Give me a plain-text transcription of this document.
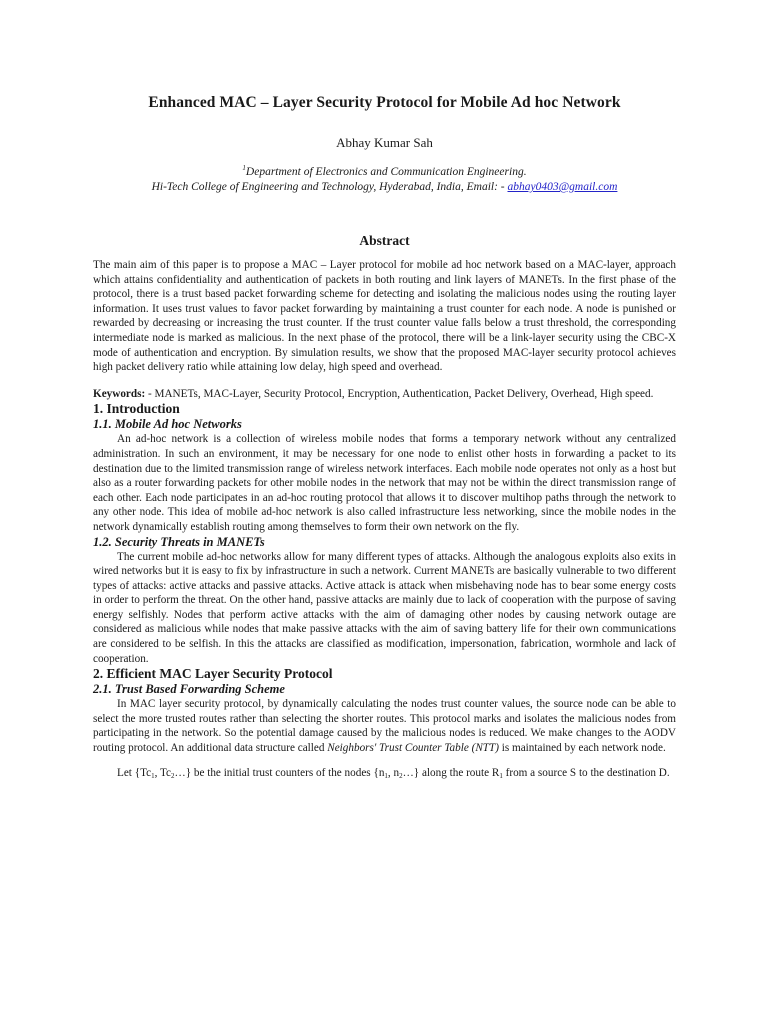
Enhanced MAC – Layer Security Protocol for Mobile Ad hoc Network
Abhay Kumar Sah
$^1$Department of Electronics and Communication Engineering.
Hi-Tech College of Engineering and Technology, Hyderabad, India, Email: - abhay0403@gmail.com
Abstract

The main aim of this paper is to propose a MAC – Layer protocol for mobile ad hoc network based on a MAC-layer, approach which attains confidentiality and authentication of packets in both routing and link layers of MANETs. In the first phase of the protocol, there is a trust based packet forwarding scheme for detecting and isolating the malicious nodes using the routing layer information. It uses trust values to favor packet forwarding by maintaining a trust counter for each node. A node is punished or rewarded by decreasing or increasing the trust counter. If the trust counter value falls below a trust threshold, the corresponding intermediate node is marked as malicious. In the next phase of the protocol, there will be a link-layer security using the CBC-X mode of authentication and encryption. By simulation results, we show that the proposed MAC-layer security protocol achieves high packet delivery ratio while attaining low delay, high speed and overhead.

Keywords: - MANETs, MAC-Layer, Security Protocol, Encryption, Authentication, Packet Delivery, Overhead, High speed.

1. Introduction
1.1. Mobile Ad hoc Networks

An ad-hoc network is a collection of wireless mobile nodes that forms a temporary network without any centralized administration. In such an environment, it may be necessary for one node to enlist other hosts in forwarding a packet to its destination due to the limited transmission range of wireless network interfaces. Each mobile node operates not only as a host but also as a router forwarding packets for other mobile nodes in the network that may not be within the direct transmission range of each other. Each node participates in an ad-hoc routing protocol that allows it to discover multihop paths through the network to any other node. This idea of mobile ad-hoc network is also called infrastructure less networking, since the mobile nodes in the network dynamically establish routing among themselves to form their own network on the fly.

1.2. Security Threats in MANETs

The current mobile ad-hoc networks allow for many different types of attacks. Although the analogous exploits also exits in wired networks but it is easy to fix by infrastructure in such a network. Current MANETs are basically vulnerable to two different types of attacks: active attacks and passive attacks. Active attack is attack when misbehaving node has to bear some energy costs in order to perform the threat. On the other hand, passive attacks are mainly due to lack of cooperation with the purpose of saving energy selfishly. Nodes that perform active attacks with the aim of damaging other nodes by causing network outage are considered as malicious while nodes that make passive attacks with the aim of saving battery life for their own communications are considered to be selfish. In this the attacks are classified as modification, impersonation, fabrication, wormhole and lack of cooperation.

2. Efficient MAC Layer Security Protocol
2.1. Trust Based Forwarding Scheme

In MAC layer security protocol, by dynamically calculating the nodes trust counter values, the source node can be able to select the more trusted routes rather than selecting the shorter routes. This protocol marks and isolates the malicious nodes from participating in the network. So the potential damage caused by the malicious nodes is reduced. We make changes to the AODV routing protocol. An additional data structure called Neighbors' Trust Counter Table (NTT) is maintained by each network node.

Let {Tc1, Tc2…} be the initial trust counters of the nodes {n1, n2…} along the route R1 from a source S to the destination D.
